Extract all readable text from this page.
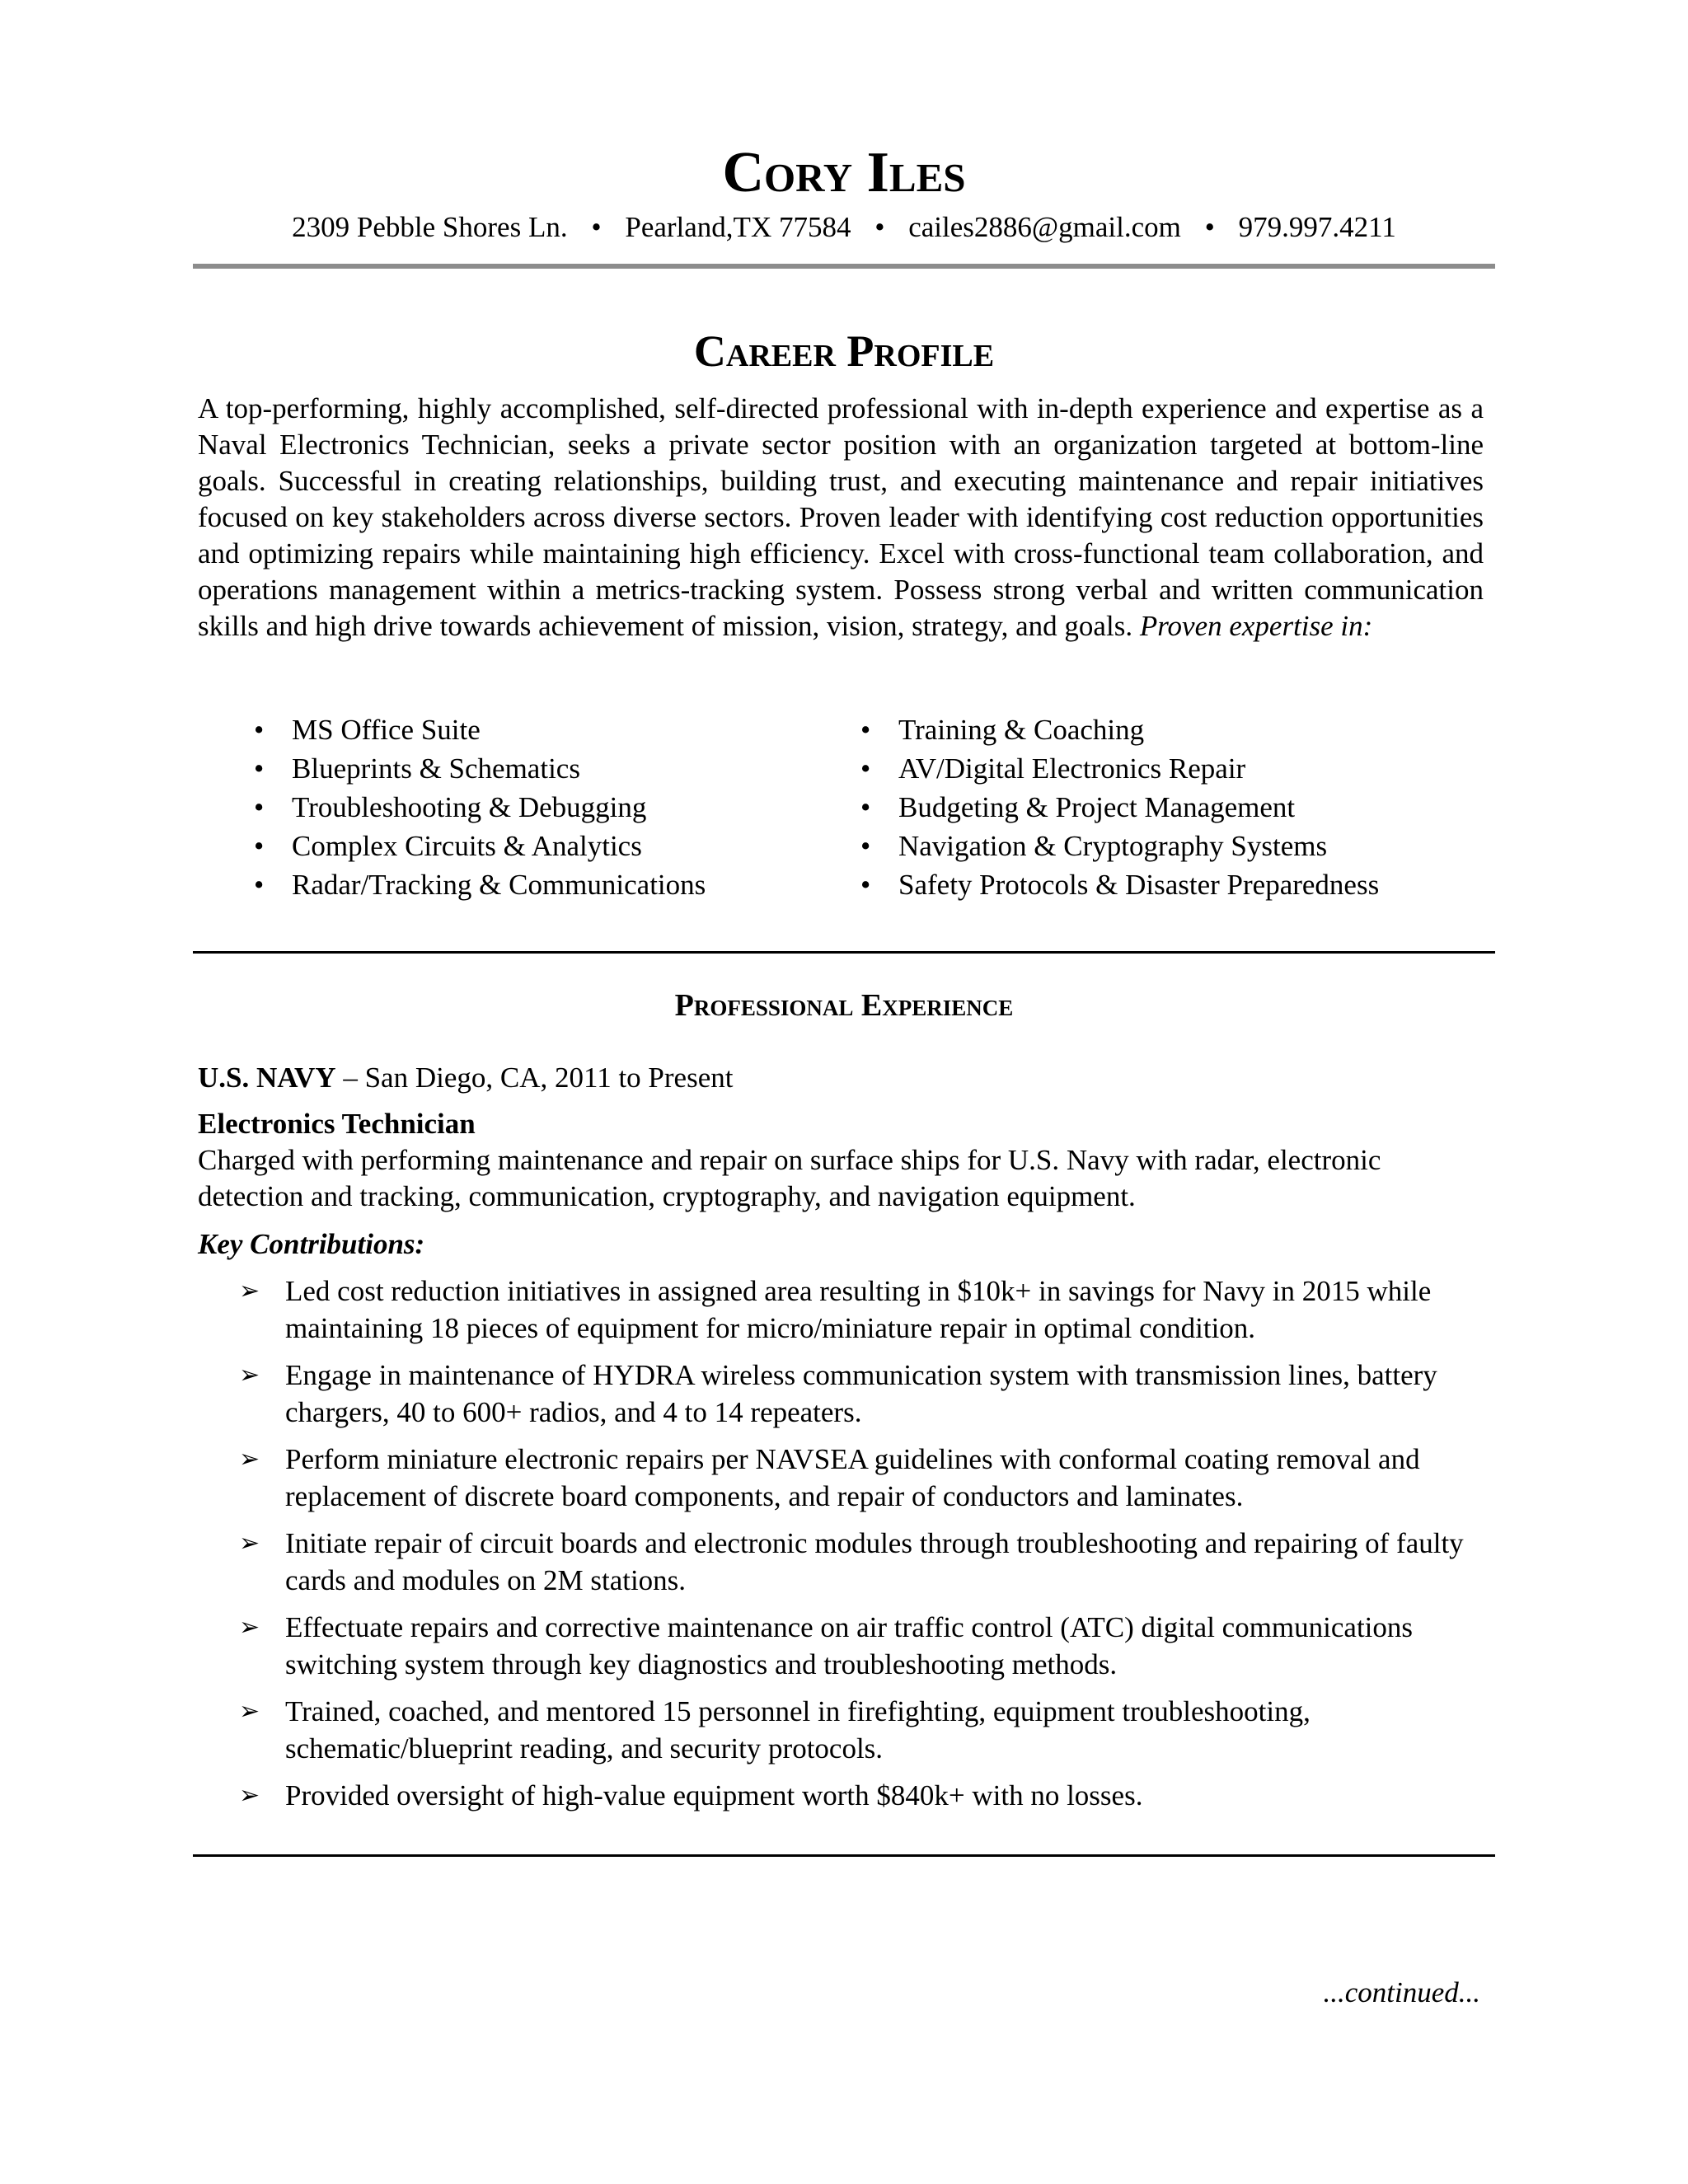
Cory Iles
2309 Pebble Shores Ln. • Pearland,TX 77584 • cailes2886@gmail.com • 979.997.4211
Career Profile
A top-performing, highly accomplished, self-directed professional with in-depth experience and expertise as a Naval Electronics Technician, seeks a private sector position with an organization targeted at bottom-line goals. Successful in creating relationships, building trust, and executing maintenance and repair initiatives focused on key stakeholders across diverse sectors. Proven leader with identifying cost reduction opportunities and optimizing repairs while maintaining high efficiency. Excel with cross-functional team collaboration, and operations management within a metrics-tracking system. Possess strong verbal and written communication skills and high drive towards achievement of mission, vision, strategy, and goals. Proven expertise in:
• MS Office Suite
• Blueprints & Schematics
• Troubleshooting & Debugging
• Complex Circuits & Analytics
• Radar/Tracking & Communications
• Training & Coaching
• AV/Digital Electronics Repair
• Budgeting & Project Management
• Navigation & Cryptography Systems
• Safety Protocols & Disaster Preparedness
Professional Experience
U.S. NAVY – San Diego, CA, 2011 to Present
Electronics Technician
Charged with performing maintenance and repair on surface ships for U.S. Navy with radar, electronic detection and tracking, communication, cryptography, and navigation equipment.
Key Contributions:
➢ Led cost reduction initiatives in assigned area resulting in $10k+ in savings for Navy in 2015 while maintaining 18 pieces of equipment for micro/miniature repair in optimal condition.
➢ Engage in maintenance of HYDRA wireless communication system with transmission lines, battery chargers, 40 to 600+ radios, and 4 to 14 repeaters.
➢ Perform miniature electronic repairs per NAVSEA guidelines with conformal coating removal and replacement of discrete board components, and repair of conductors and laminates.
➢ Initiate repair of circuit boards and electronic modules through troubleshooting and repairing of faulty cards and modules on 2M stations.
➢ Effectuate repairs and corrective maintenance on air traffic control (ATC) digital communications switching system through key diagnostics and troubleshooting methods.
➢ Trained, coached, and mentored 15 personnel in firefighting, equipment troubleshooting, schematic/blueprint reading, and security protocols.
➢ Provided oversight of high-value equipment worth $840k+ with no losses.
...continued...
